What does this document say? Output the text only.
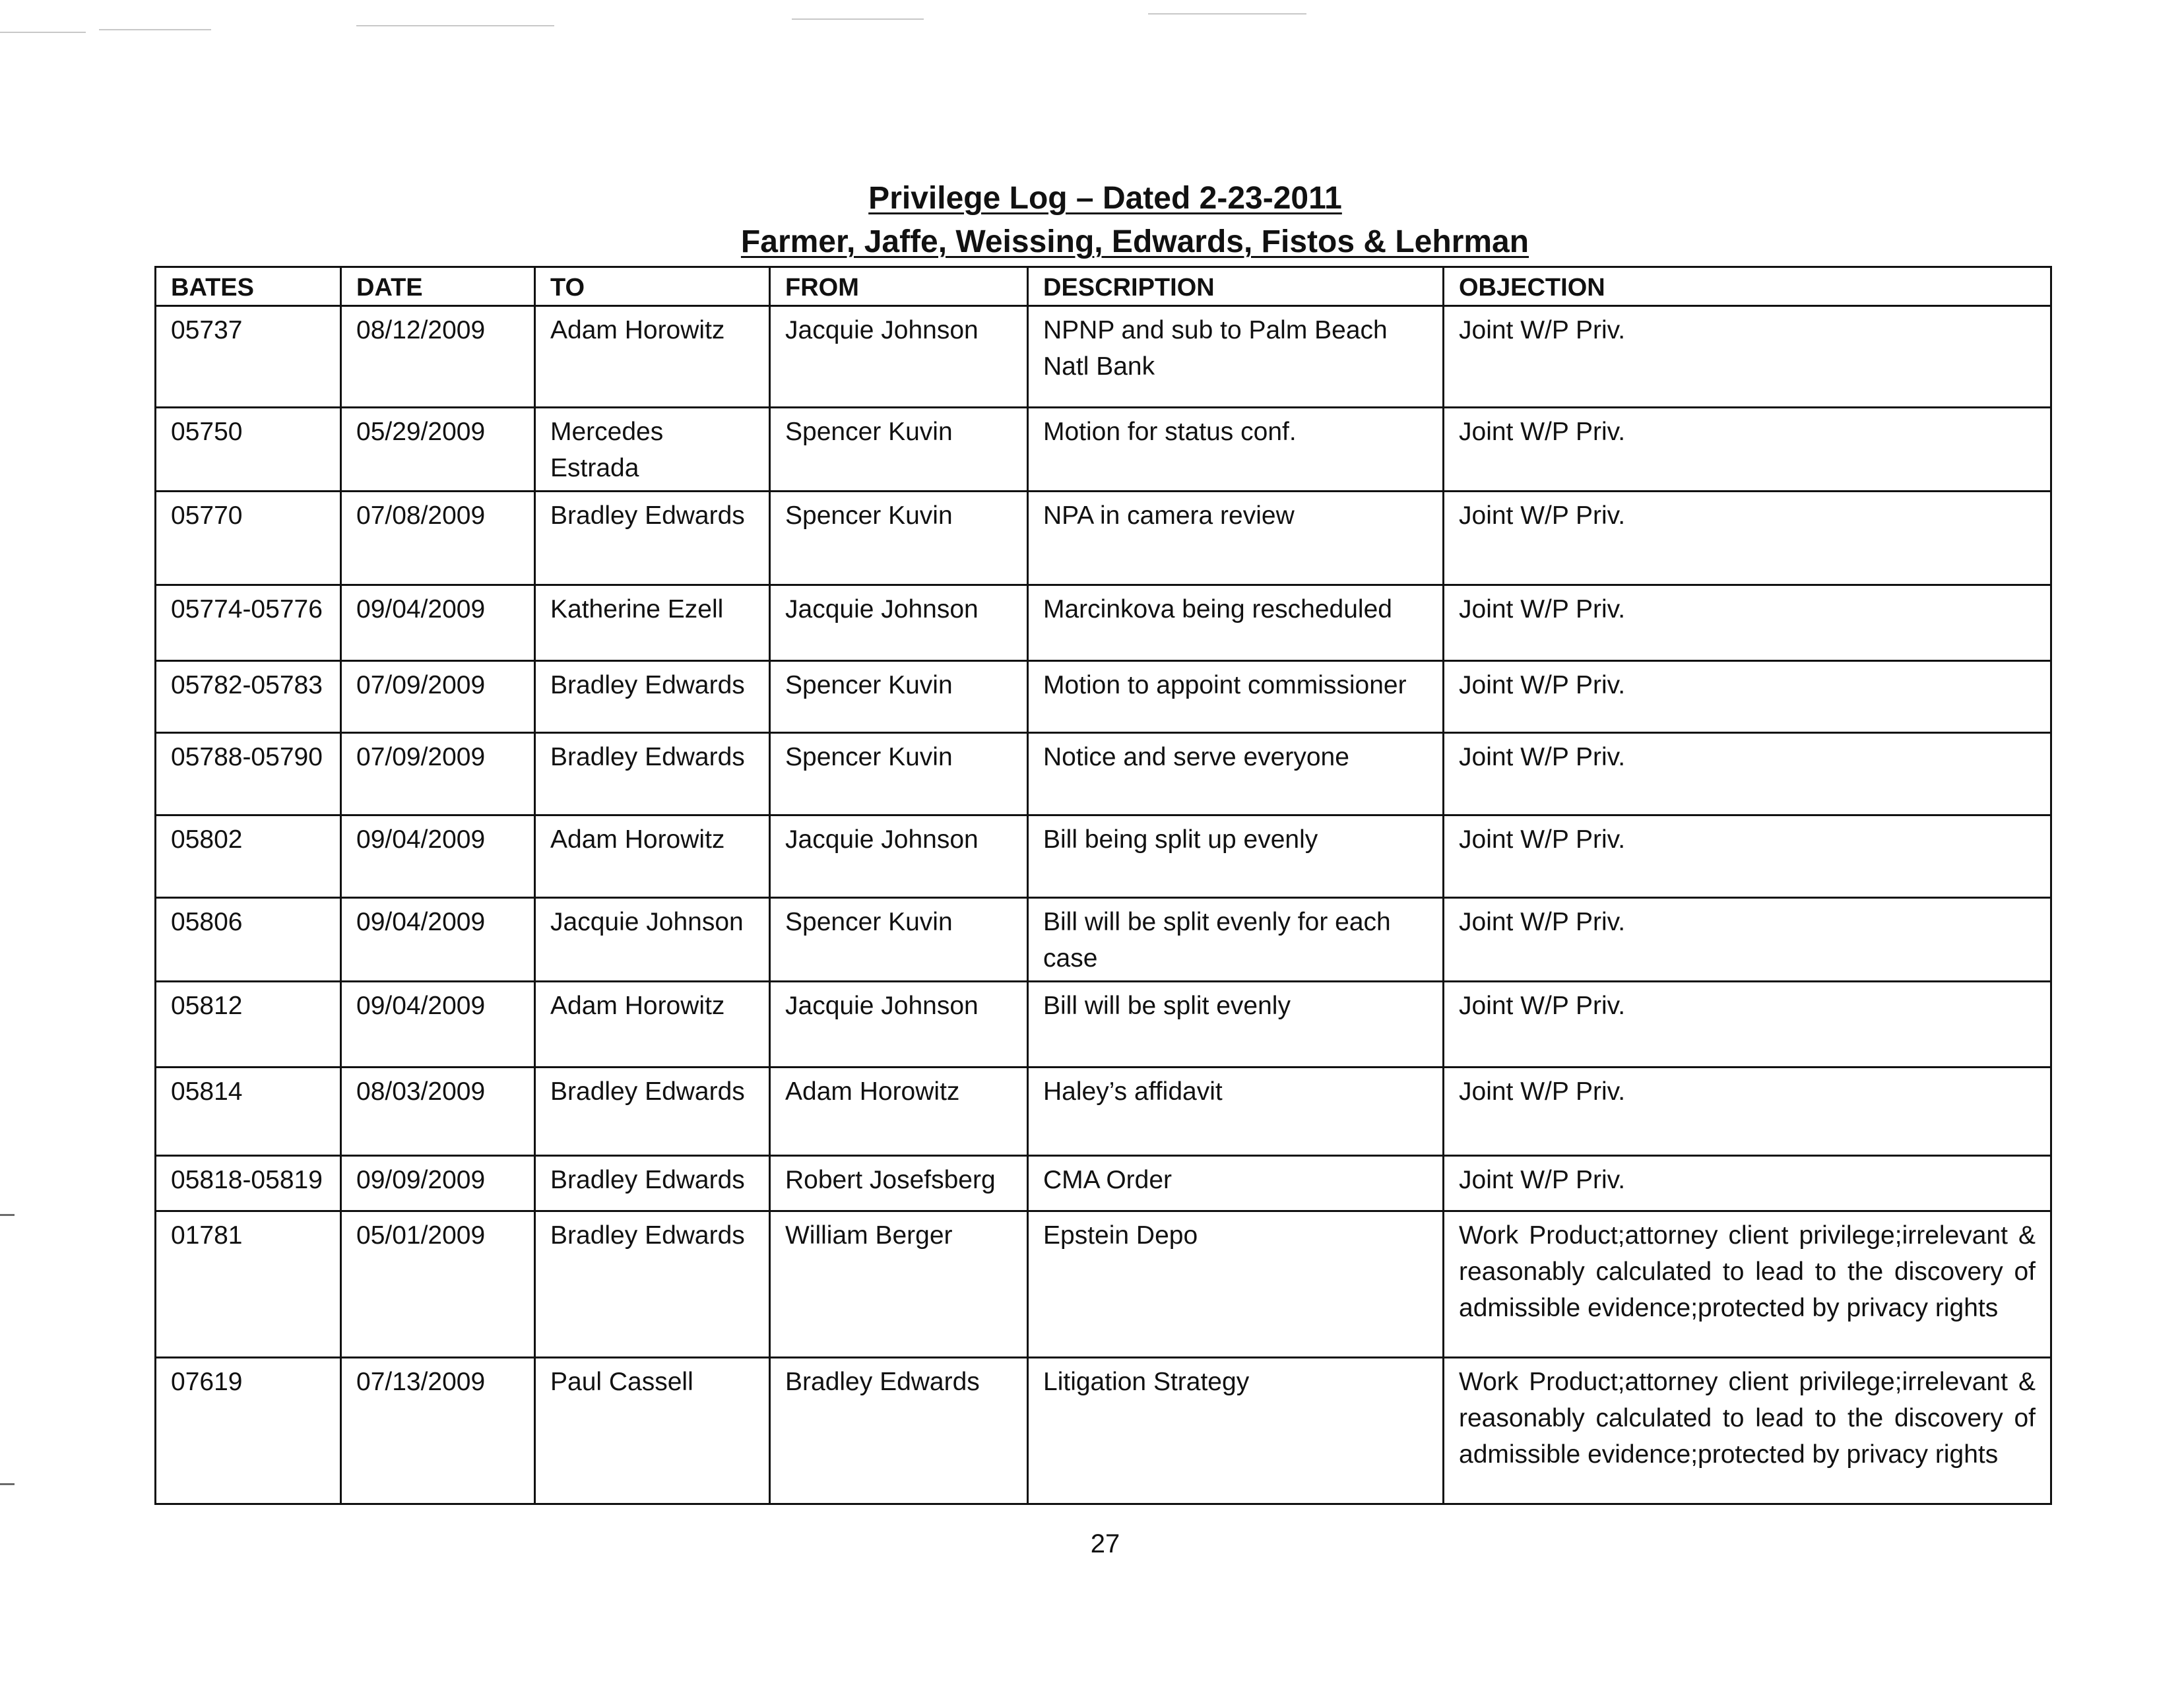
Privilege Log – Dated 2-23-2011
Farmer, Jaffe, Weissing, Edwards, Fistos & Lehrman
BATES	DATE	TO	FROM	DESCRIPTION	OBJECTION
05737	08/12/2009	Adam Horowitz	Jacquie Johnson	NPNP and sub to Palm Beach Natl Bank	Joint W/P Priv.
05750	05/29/2009	Mercedes Estrada	Spencer Kuvin	Motion for status conf.	Joint W/P Priv.
05770	07/08/2009	Bradley Edwards	Spencer Kuvin	NPA in camera review	Joint W/P Priv.
05774-05776	09/04/2009	Katherine Ezell	Jacquie Johnson	Marcinkova being rescheduled	Joint W/P Priv.
05782-05783	07/09/2009	Bradley Edwards	Spencer Kuvin	Motion to appoint commissioner	Joint W/P Priv.
05788-05790	07/09/2009	Bradley Edwards	Spencer Kuvin	Notice and serve everyone	Joint W/P Priv.
05802	09/04/2009	Adam Horowitz	Jacquie Johnson	Bill being split up evenly	Joint W/P Priv.
05806	09/04/2009	Jacquie Johnson	Spencer Kuvin	Bill will be split evenly for each case	Joint W/P Priv.
05812	09/04/2009	Adam Horowitz	Jacquie Johnson	Bill will be split evenly	Joint W/P Priv.
05814	08/03/2009	Bradley Edwards	Adam Horowitz	Haley’s affidavit	Joint W/P Priv.
05818-05819	09/09/2009	Bradley Edwards	Robert Josefsberg	CMA Order	Joint W/P Priv.
01781	05/01/2009	Bradley Edwards	William Berger	Epstein Depo	Work Product;attorney client privilege;irrelevant & reasonably calculated to lead to the discovery of admissible evidence;protected by privacy rights
07619	07/13/2009	Paul Cassell	Bradley Edwards	Litigation Strategy	Work Product;attorney client privilege;irrelevant & reasonably calculated to lead to the discovery of admissible evidence;protected by privacy rights
27
